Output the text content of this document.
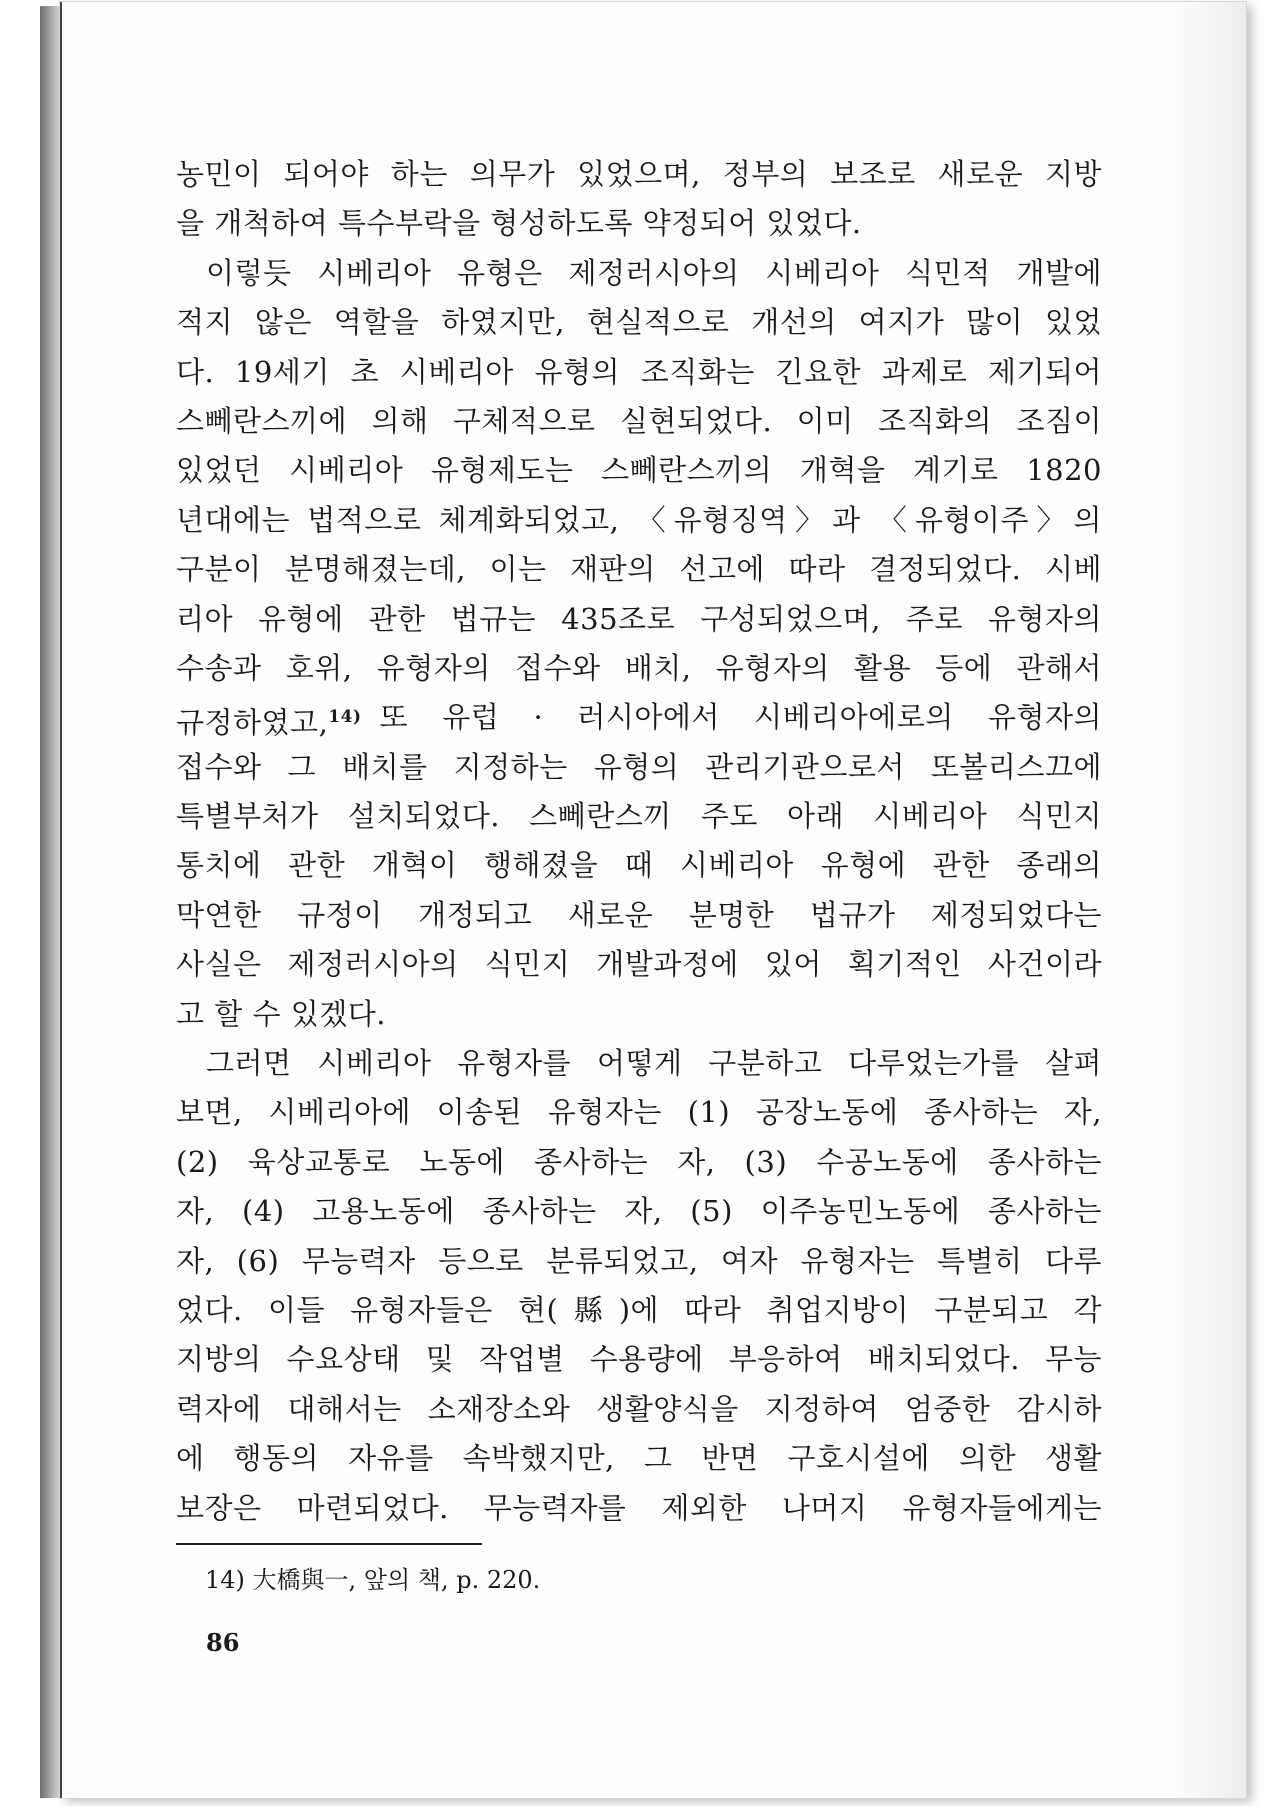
농민이 되어야 하는 의무가 있었으며, 정부의 보조로 새로운 지방
을 개척하여 특수부락을 형성하도록 약정되어 있었다.
이렇듯 시베리아 유형은 제정러시아의 시베리아 식민적 개발에
적지 않은 역할을 하였지만, 현실적으로 개선의 여지가 많이 있었
다. 19세기 초 시베리아 유형의 조직화는 긴요한 과제로 제기되어
스뻬란스끼에 의해 구체적으로 실현되었다. 이미 조직화의 조짐이
있었던 시베리아 유형제도는 스뻬란스끼의 개혁을 계기로 1820
년대에는 법적으로 체계화되었고, 〈유형징역〉과 〈유형이주〉의
구분이 분명해졌는데, 이는 재판의 선고에 따라 결정되었다. 시베
리아 유형에 관한 법규는 435조로 구성되었으며, 주로 유형자의
수송과 호위, 유형자의 접수와 배치, 유형자의 활용 등에 관해서
규정하였고,$^{14)}$ 또 유럽 · 러시아에서 시베리아에로의 유형자의
접수와 그 배치를 지정하는 유형의 관리기관으로서 또볼리스끄에
특별부처가 설치되었다. 스뻬란스끼 주도 아래 시베리아 식민지
통치에 관한 개혁이 행해졌을 때 시베리아 유형에 관한 종래의
막연한 규정이 개정되고 새로운 분명한 법규가 제정되었다는
사실은 제정러시아의 식민지 개발과정에 있어 획기적인 사건이라
고 할 수 있겠다.
그러면 시베리아 유형자를 어떻게 구분하고 다루었는가를 살펴
보면, 시베리아에 이송된 유형자는 (1) 공장노동에 종사하는 자,
(2) 육상교통로 노동에 종사하는 자, (3) 수공노동에 종사하는
자, (4) 고용노동에 종사하는 자, (5) 이주농민노동에 종사하는
자, (6) 무능력자 등으로 분류되었고, 여자 유형자는 특별히 다루
었다. 이들 유형자들은 현(縣)에 따라 취업지방이 구분되고 각
지방의 수요상태 및 작업별 수용량에 부응하여 배치되었다. 무능
력자에 대해서는 소재장소와 생활양식을 지정하여 엄중한 감시하
에 행동의 자유를 속박했지만, 그 반면 구호시설에 의한 생활
보장은 마련되었다. 무능력자를 제외한 나머지 유형자들에게는
14) 大橋與一, 앞의 책, p. 220.
86
